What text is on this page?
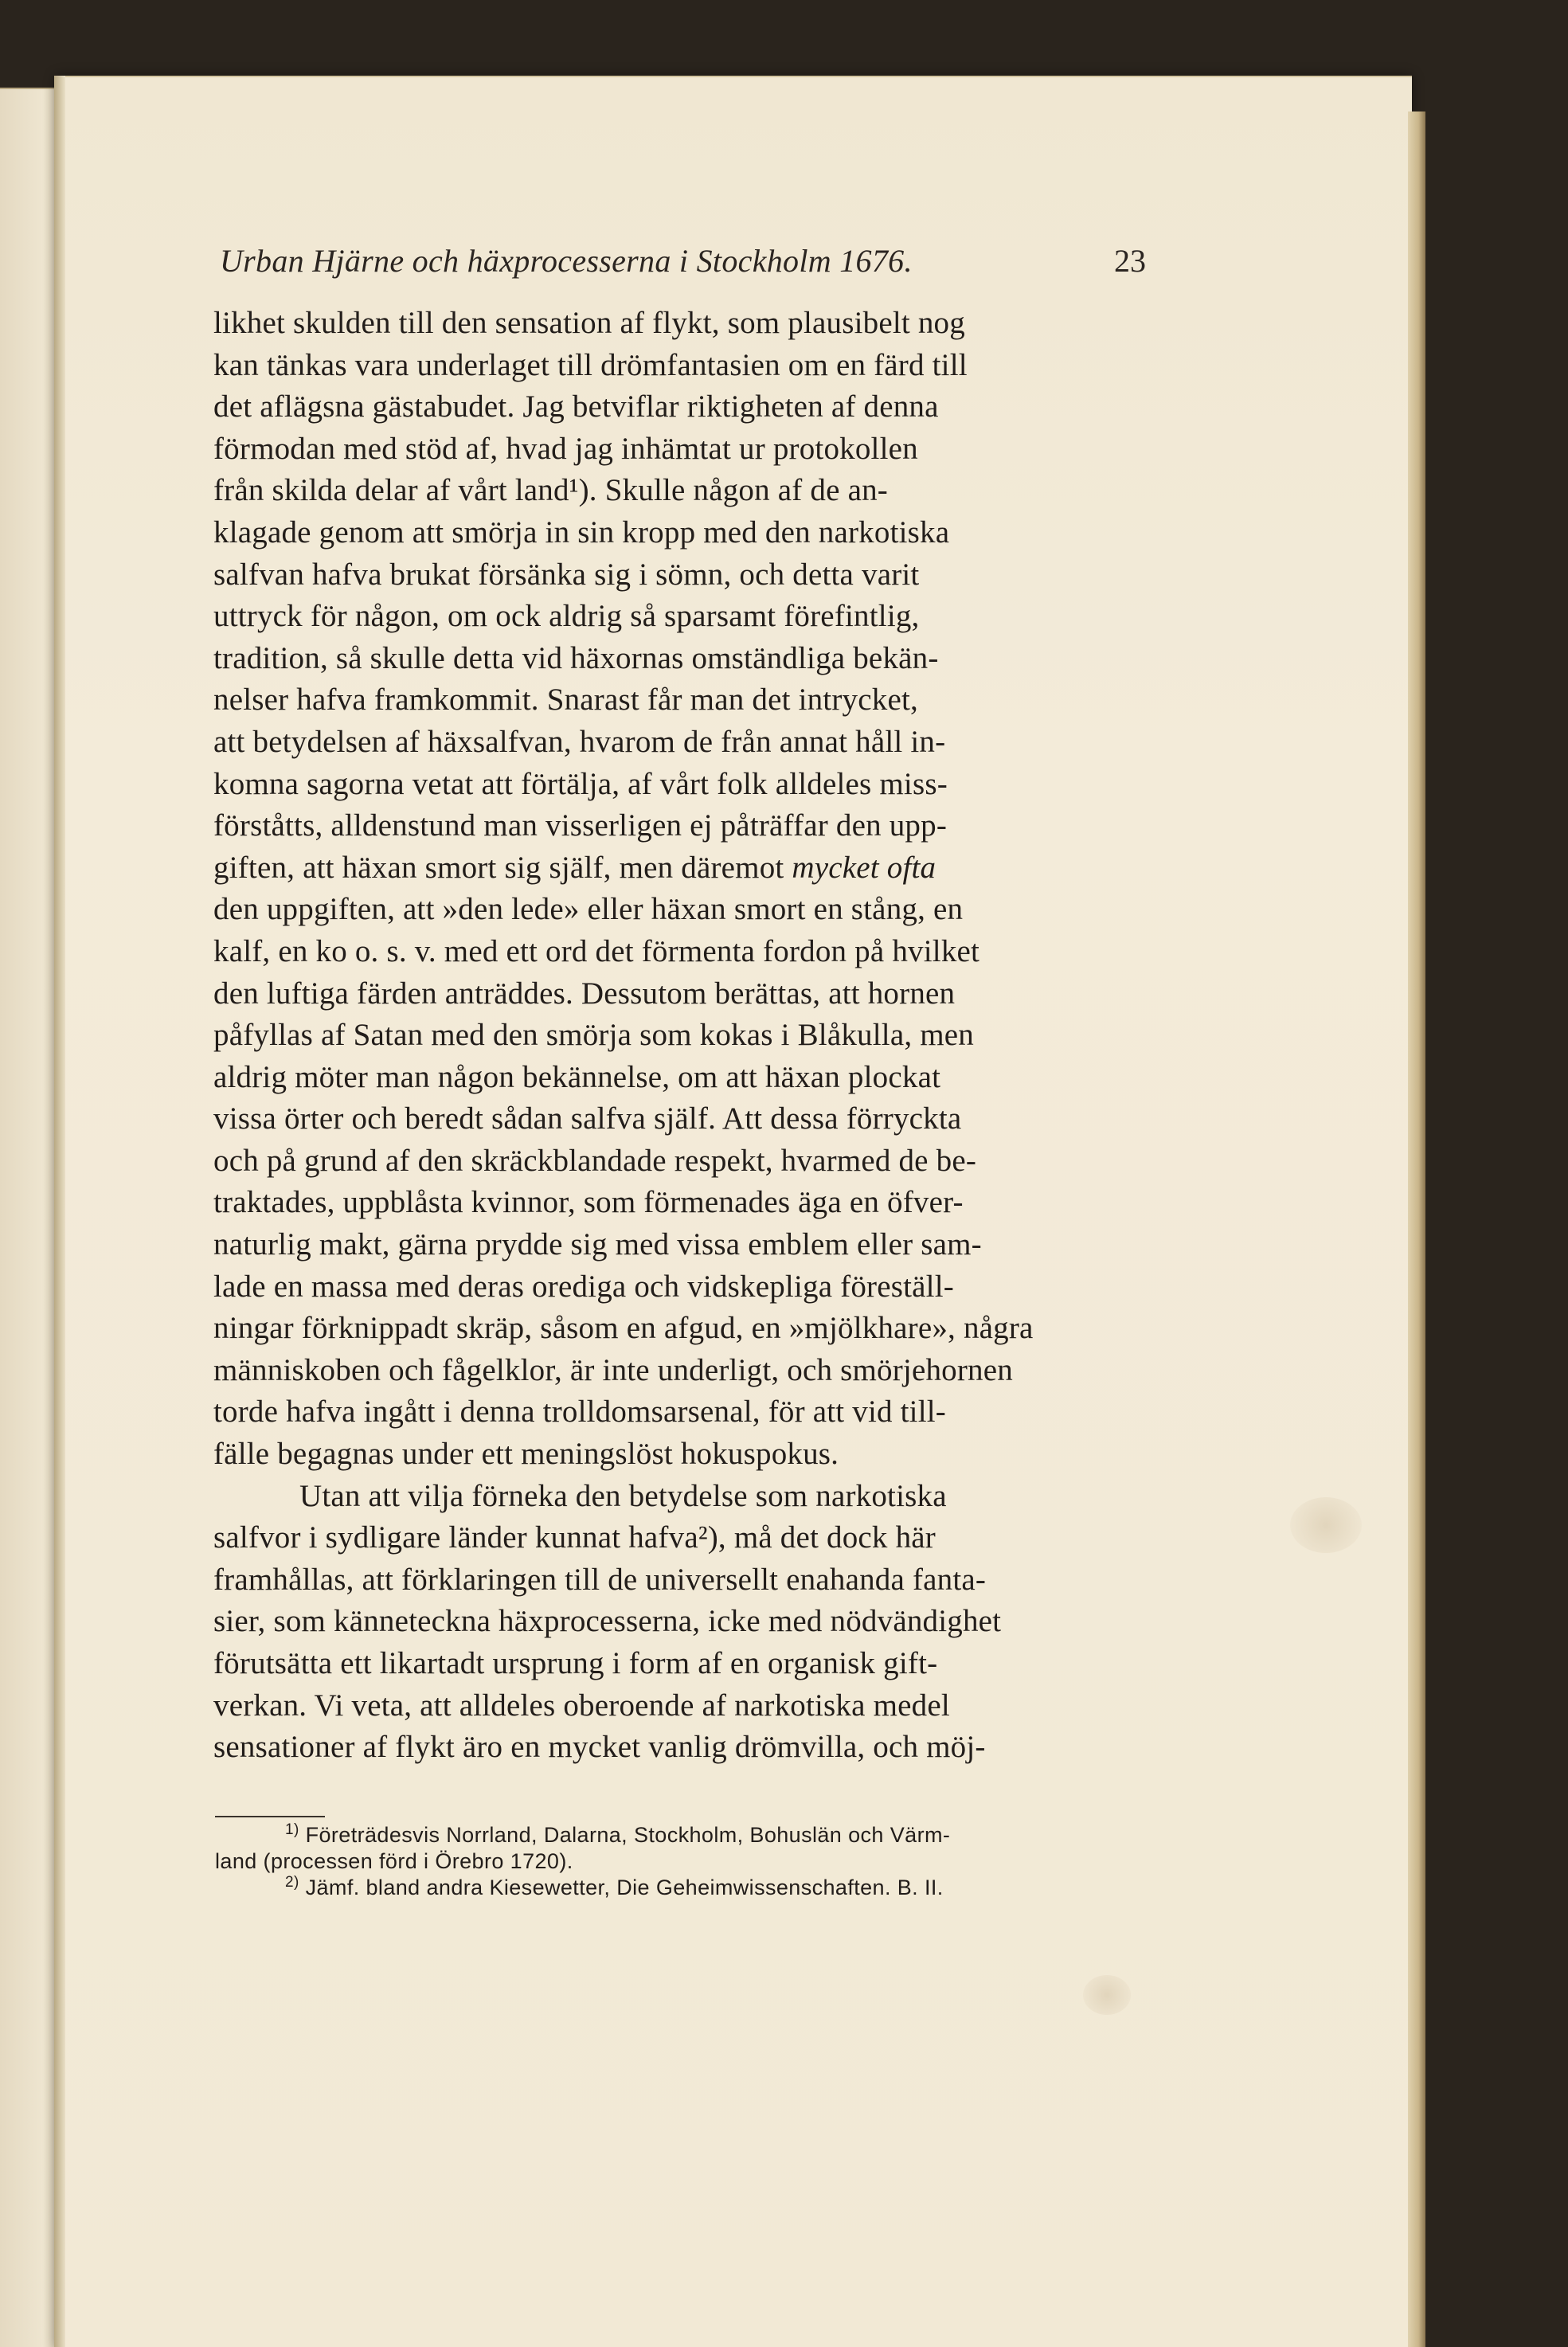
Urban Hjärne och häxprocesserna i Stockholm 1676.	23
likhet skulden till den sensation af flykt, som plausibelt nog
kan tänkas vara underlaget till drömfantasien om en färd till
det aflägsna gästabudet. Jag betviflar riktigheten af denna
förmodan med stöd af, hvad jag inhämtat ur protokollen
från skilda delar af vårt land¹). Skulle någon af de an-
klagade genom att smörja in sin kropp med den narkotiska
salfvan hafva brukat försänka sig i sömn, och detta varit
uttryck för någon, om ock aldrig så sparsamt förefintlig,
tradition, så skulle detta vid häxornas omständliga bekän-
nelser hafva framkommit. Snarast får man det intrycket,
att betydelsen af häxsalfvan, hvarom de från annat håll in-
komna sagorna vetat att förtälja, af vårt folk alldeles miss-
förståtts, alldenstund man visserligen ej påträffar den upp-
giften, att häxan smort sig själf, men däremot mycket ofta
den uppgiften, att »den lede» eller häxan smort en stång, en
kalf, en ko o. s. v. med ett ord det förmenta fordon på hvilket
den luftiga färden anträddes. Dessutom berättas, att hornen
påfyllas af Satan med den smörja som kokas i Blåkulla, men
aldrig möter man någon bekännelse, om att häxan plockat
vissa örter och beredt sådan salfva själf. Att dessa förryckta
och på grund af den skräckblandade respekt, hvarmed de be-
traktades, uppblåsta kvinnor, som förmenades äga en öfver-
naturlig makt, gärna prydde sig med vissa emblem eller sam-
lade en massa med deras orediga och vidskepliga föreställ-
ningar förknippadt skräp, såsom en afgud, en »mjölkhare», några
människoben och fågelklor, är inte underligt, och smörjehornen
torde hafva ingått i denna trolldomsarsenal, för att vid till-
fälle begagnas under ett meningslöst hokuspokus.
Utan att vilja förneka den betydelse som narkotiska
salfvor i sydligare länder kunnat hafva²), må det dock här
framhållas, att förklaringen till de universellt enahanda fanta-
sier, som känneteckna häxprocesserna, icke med nödvändighet
förutsätta ett likartadt ursprung i form af en organisk gift-
verkan. Vi veta, att alldeles oberoende af narkotiska medel
sensationer af flykt äro en mycket vanlig drömvilla, och möj-
$^{1)}$ Företrädesvis Norrland, Dalarna, Stockholm, Bohuslän och Värm-
land (processen förd i Örebro 1720).
$^{2)}$ Jämf. bland andra Kiesewetter, Die Geheimwissenschaften. B. II.
